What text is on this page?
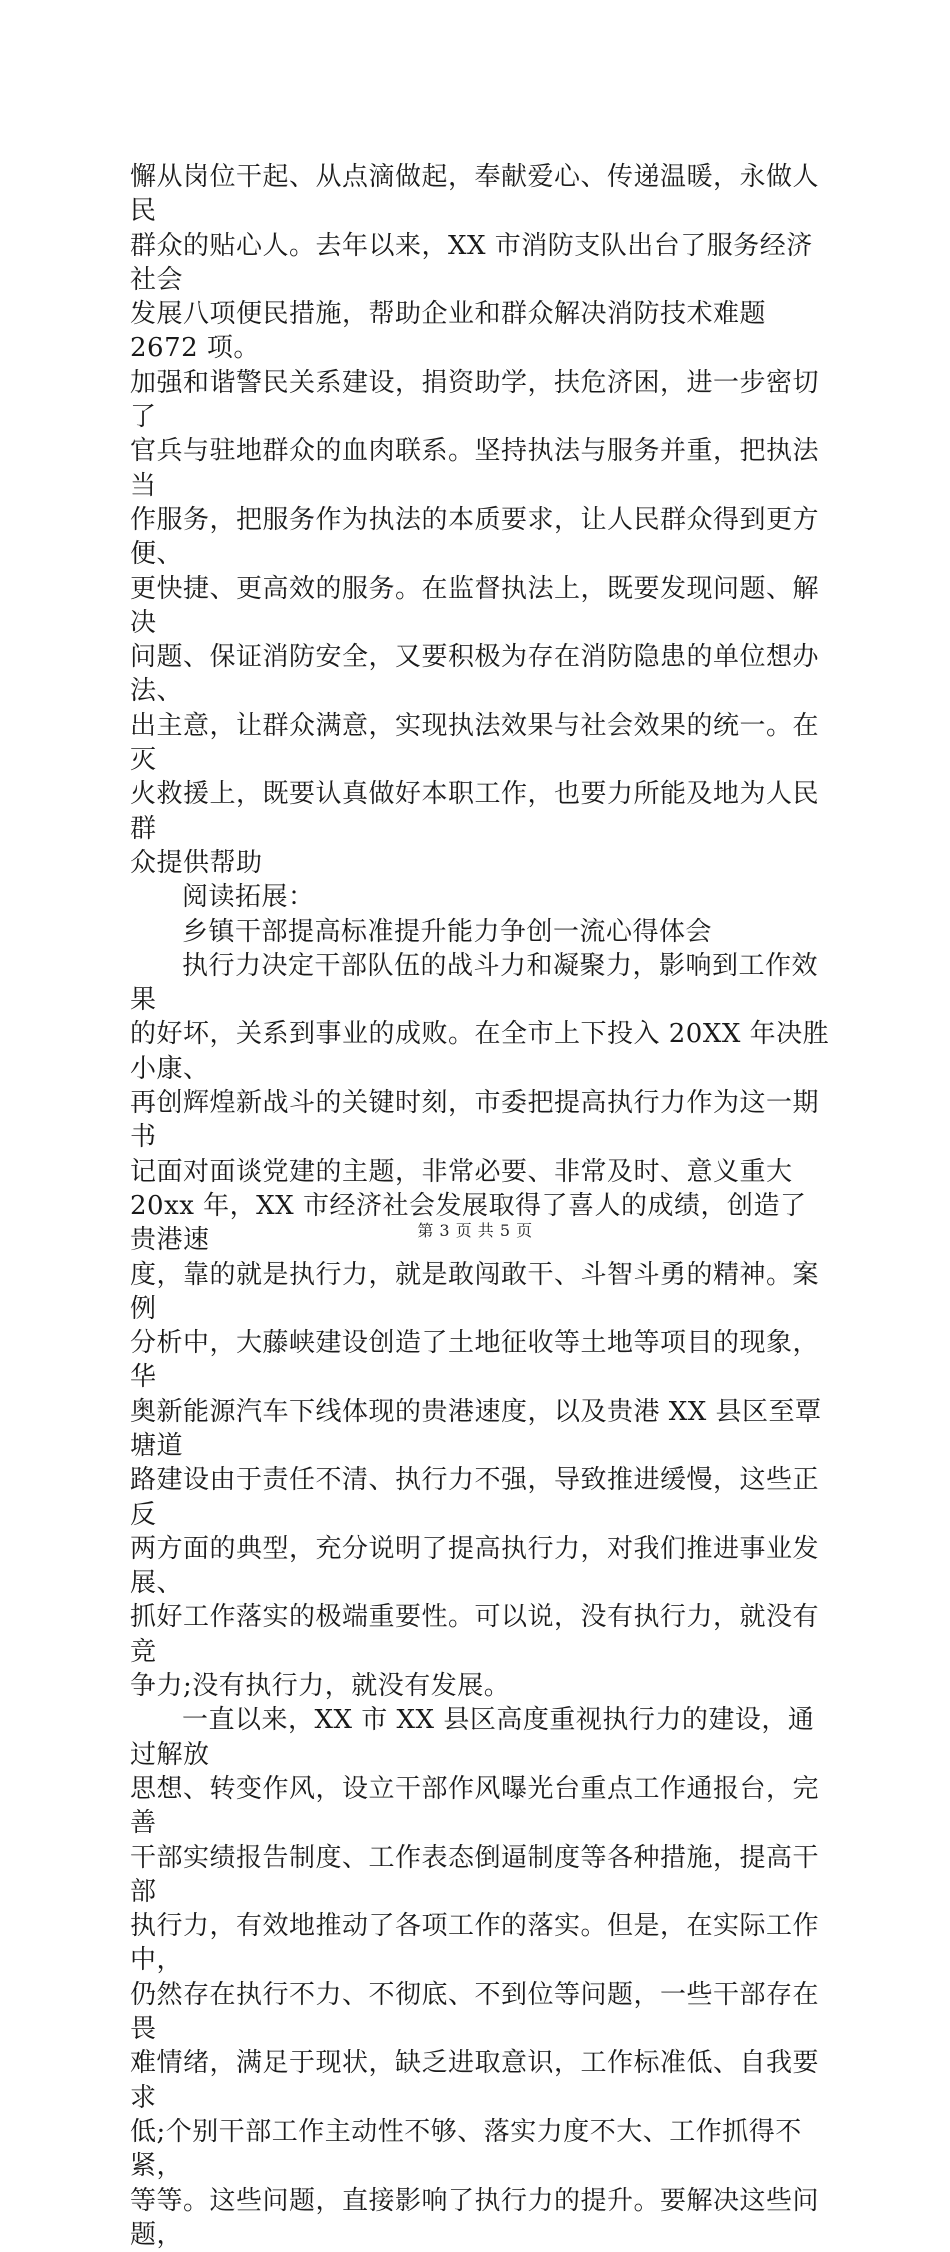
懈从岗位干起、从点滴做起，奉献爱心、传递温暖，永做人民

群众的贴心人。去年以来，XX 市消防支队出台了服务经济社会

发展八项便民措施，帮助企业和群众解决消防技术难题 2672 项。

加强和谐警民关系建设，捐资助学，扶危济困，进一步密切了

官兵与驻地群众的血肉联系。坚持执法与服务并重，把执法当

作服务，把服务作为执法的本质要求，让人民群众得到更方便、

更快捷、更高效的服务。在监督执法上，既要发现问题、解决

问题、保证消防安全，又要积极为存在消防隐患的单位想办法、

出主意，让群众满意，实现执法效果与社会效果的统一。在灭

火救援上，既要认真做好本职工作，也要力所能及地为人民群

众提供帮助

阅读拓展：

乡镇干部提高标准提升能力争创一流心得体会

执行力决定干部队伍的战斗力和凝聚力，影响到工作效果

的好坏，关系到事业的成败。在全市上下投入 20XX 年决胜小康、

再创辉煌新战斗的关键时刻，市委把提高执行力作为这一期书

记面对面谈党建的主题，非常必要、非常及时、意义重大

20xx 年，XX 市经济社会发展取得了喜人的成绩，创造了贵港速

度，靠的就是执行力，就是敢闯敢干、斗智斗勇的精神。案例

分析中，大藤峡建设创造了土地征收等土地等项目的现象，华

奥新能源汽车下线体现的贵港速度，以及贵港 XX 县区至覃塘道

路建设由于责任不清、执行力不强，导致推进缓慢，这些正反

两方面的典型，充分说明了提高执行力，对我们推进事业发展、

抓好工作落实的极端重要性。可以说，没有执行力，就没有竞

争力;没有执行力，就没有发展。

一直以来，XX 市 XX 县区高度重视执行力的建设，通过解放

思想、转变作风，设立干部作风曝光台重点工作通报台，完善

干部实绩报告制度、工作表态倒逼制度等各种措施，提高干部

执行力，有效地推动了各项工作的落实。但是，在实际工作中，

仍然存在执行不力、不彻底、不到位等问题，一些干部存在畏

难情绪，满足于现状，缺乏进取意识，工作标准低、自我要求

低;个别干部工作主动性不够、落实力度不大、工作抓得不紧，

等等。这些问题，直接影响了执行力的提升。要解决这些问题，

第 3 页 共 5 页
